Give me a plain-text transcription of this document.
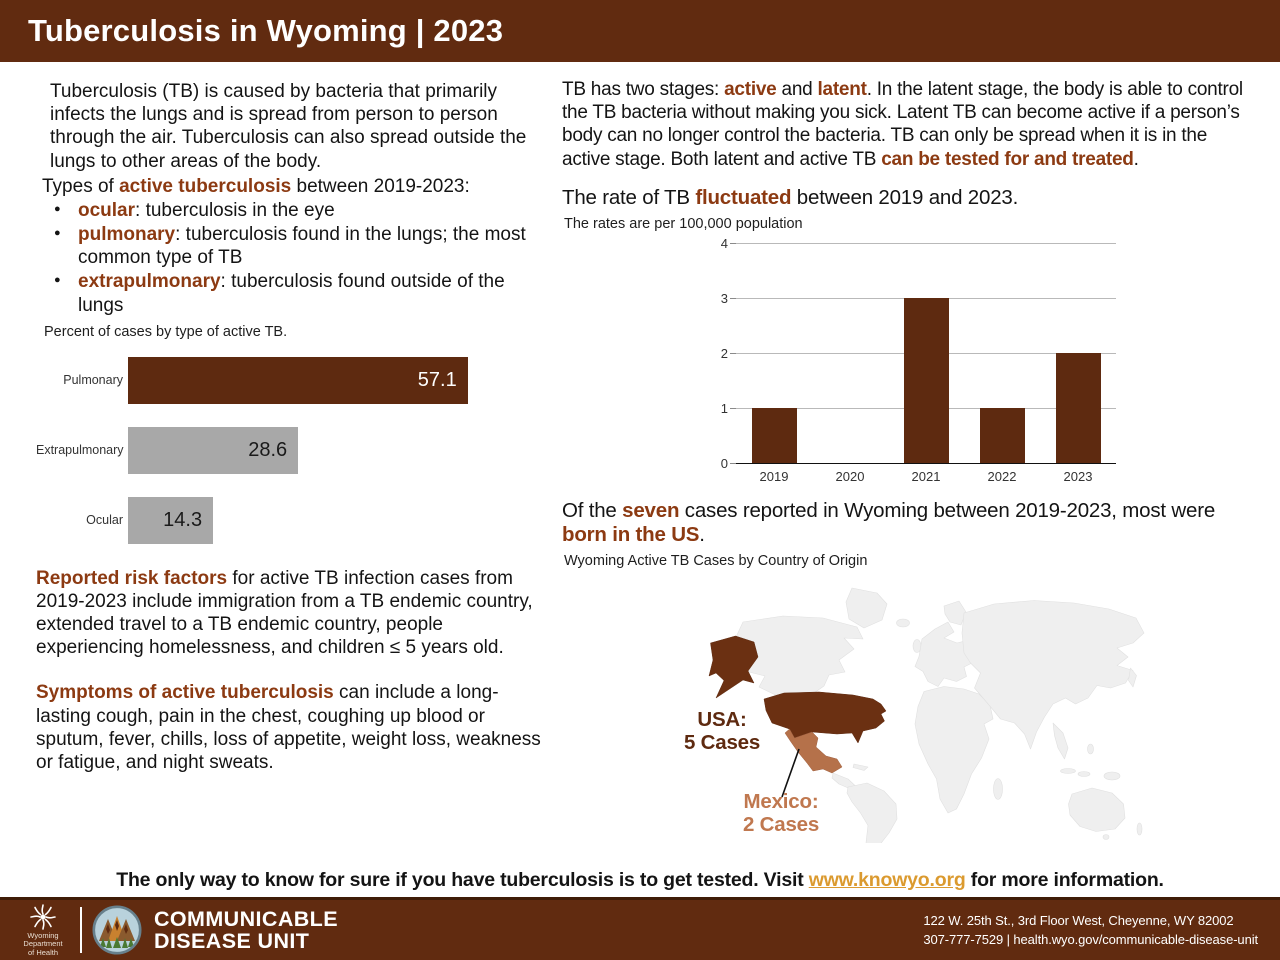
Tuberculosis in Wyoming | 2023

Tuberculosis (TB) is caused by bacteria that primarily infects the lungs and is spread from person to person through the air. Tuberculosis can also spread outside the lungs to other areas of the body.

Types of active tuberculosis between 2019-2023:

● ocular: tuberculosis in the eye
● pulmonary: tuberculosis found in the lungs; the most common type of TB
● extrapulmonary: tuberculosis found outside of the lungs
Percent of cases by type of active TB.
Pulmonary	57.1
Extrapulmonary	28.6
Ocular 14.3

Reported risk factors for active TB infection cases from 2019-2023 include immigration from a TB endemic country, extended travel to a TB endemic country, people experiencing homelessness, and children ≤ 5 years old.

Symptoms of active tuberculosis can include a long-lasting cough, pain in the chest, coughing up blood or sputum, fever, chills, loss of appetite, weight loss, weakness or fatigue, and night sweats.

TB has two stages: active and latent. In the latent stage, the body is able to control the TB bacteria without making you sick. Latent TB can become active if a person’s body can no longer control the bacteria. TB can only be spread when it is in the active stage. Both latent and active TB can be tested for and treated.

The rate of TB fluctuated between 2019 and 2023.

The rates are per 100,000 population
0
1
2
3
4
2019	2020	2021	2022	2023

Of the seven cases reported in Wyoming between 2019-2023, most were born in the US.

Wyoming Active TB Cases by Country of Origin
USA:
5 Cases
Mexico:
2 Cases
The only way to know for sure if you have tuberculosis is to get tested. Visit www.knowyo.org for more information.
Wyoming
Department
of Health
COMMUNICABLE
DISEASE UNIT
122 W. 25th St., 3rd Floor West, Cheyenne, WY 82002
307-777-7529 | health.wyo.gov/communicable-disease-unit
